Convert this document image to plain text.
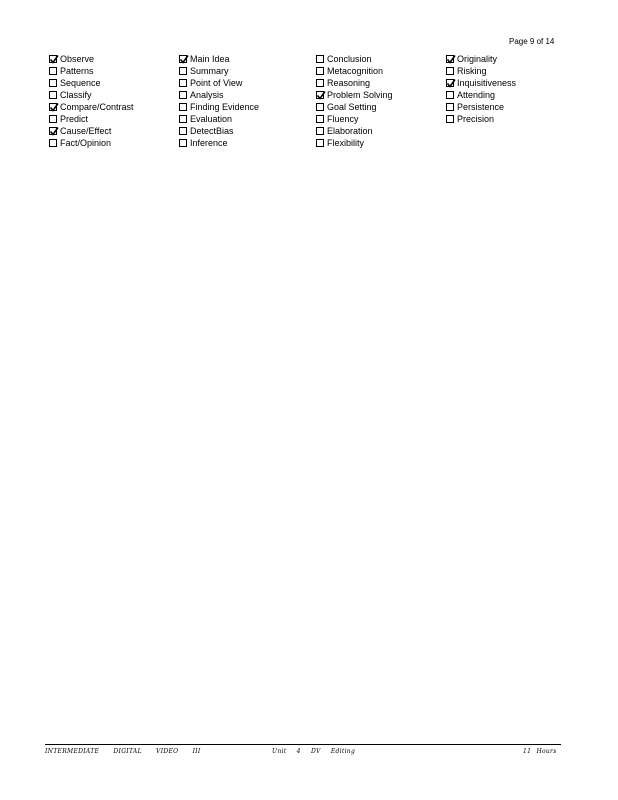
Page 9 of 14
Observe
Patterns
Sequence
Classify
Compare/Contrast
Predict
Cause/Effect
Fact/Opinion
Main Idea
Summary
Point of View
Analysis
Finding Evidence
Evaluation
DetectBias
Inference
Conclusion
Metacognition
Reasoning
Problem Solving
Goal Setting
Fluency
Elaboration
Flexibility
Originality
Risking
Inquisitiveness
Attending
Persistence
Precision
INTERMEDIATE DIGITAL VIDEO III	Unit 4 DV Editing	11 Hours
